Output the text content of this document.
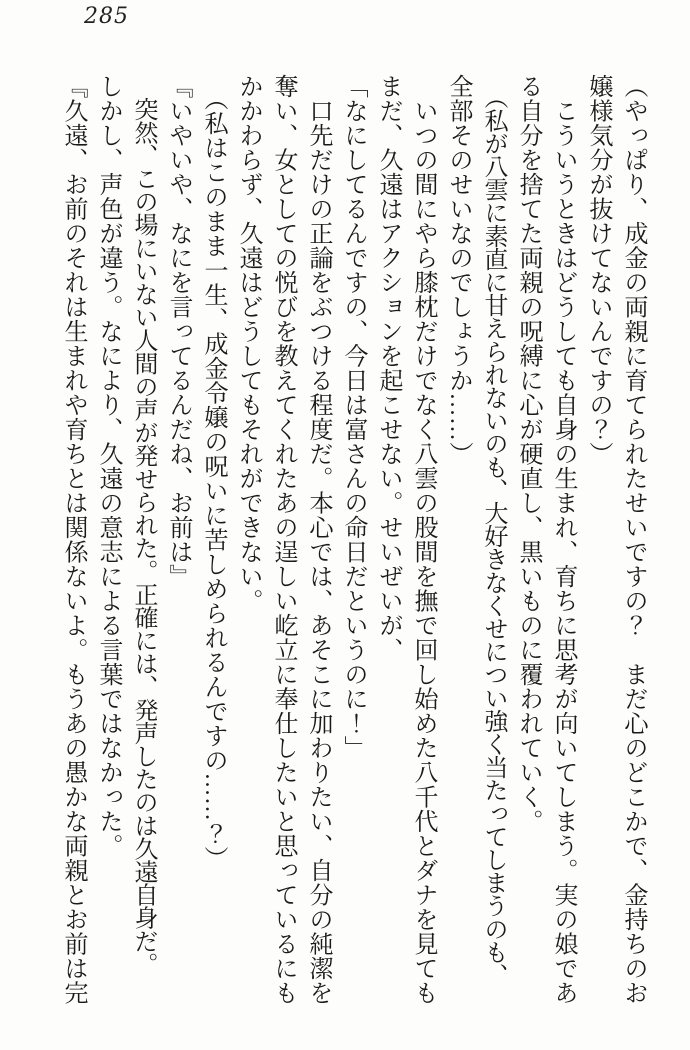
285
（やっぱり、成金の両親に育てられたせいですの？　まだ心のどこかで、金持ちのお
嬢様気分が抜けてないんですの？）
　こういうときはどうしても自身の生まれ、育ちに思考が向いてしまう。実の娘であ
る自分を捨てた両親の呪縛に心が硬直し、黒いものに覆われていく。
　（私が八雲に素直に甘えられないのも、大好きなくせについ強く当たってしまうのも、
全部そのせいなのでしょうか……）
　いつの間にやら膝枕だけでなく八雲の股間を撫で回し始めた八千代とダナを見ても
まだ、久遠はアクションを起こせない。せいぜいが、
「なにしてるんですの、今日は富さんの命日だというのに！」
　口先だけの正論をぶつける程度だ。本心では、あそこに加わりたい、自分の純潔を
奪い、女としての悦びを教えてくれたあの逞しい屹立に奉仕したいと思っているにも
かかわらず、久遠はどうしてもそれができない。
　（私はこのまま一生、成金令嬢の呪いに苦しめられるんですの……？）
『いやいや、なにを言ってるんだね、お前は』
　突然、この場にいない人間の声が発せられた。正確には、発声したのは久遠自身だ。
しかし、声色が違う。なにより、久遠の意志による言葉ではなかった。
『久遠、お前のそれは生まれや育ちとは関係ないよ。もうあの愚かな両親とお前は完
